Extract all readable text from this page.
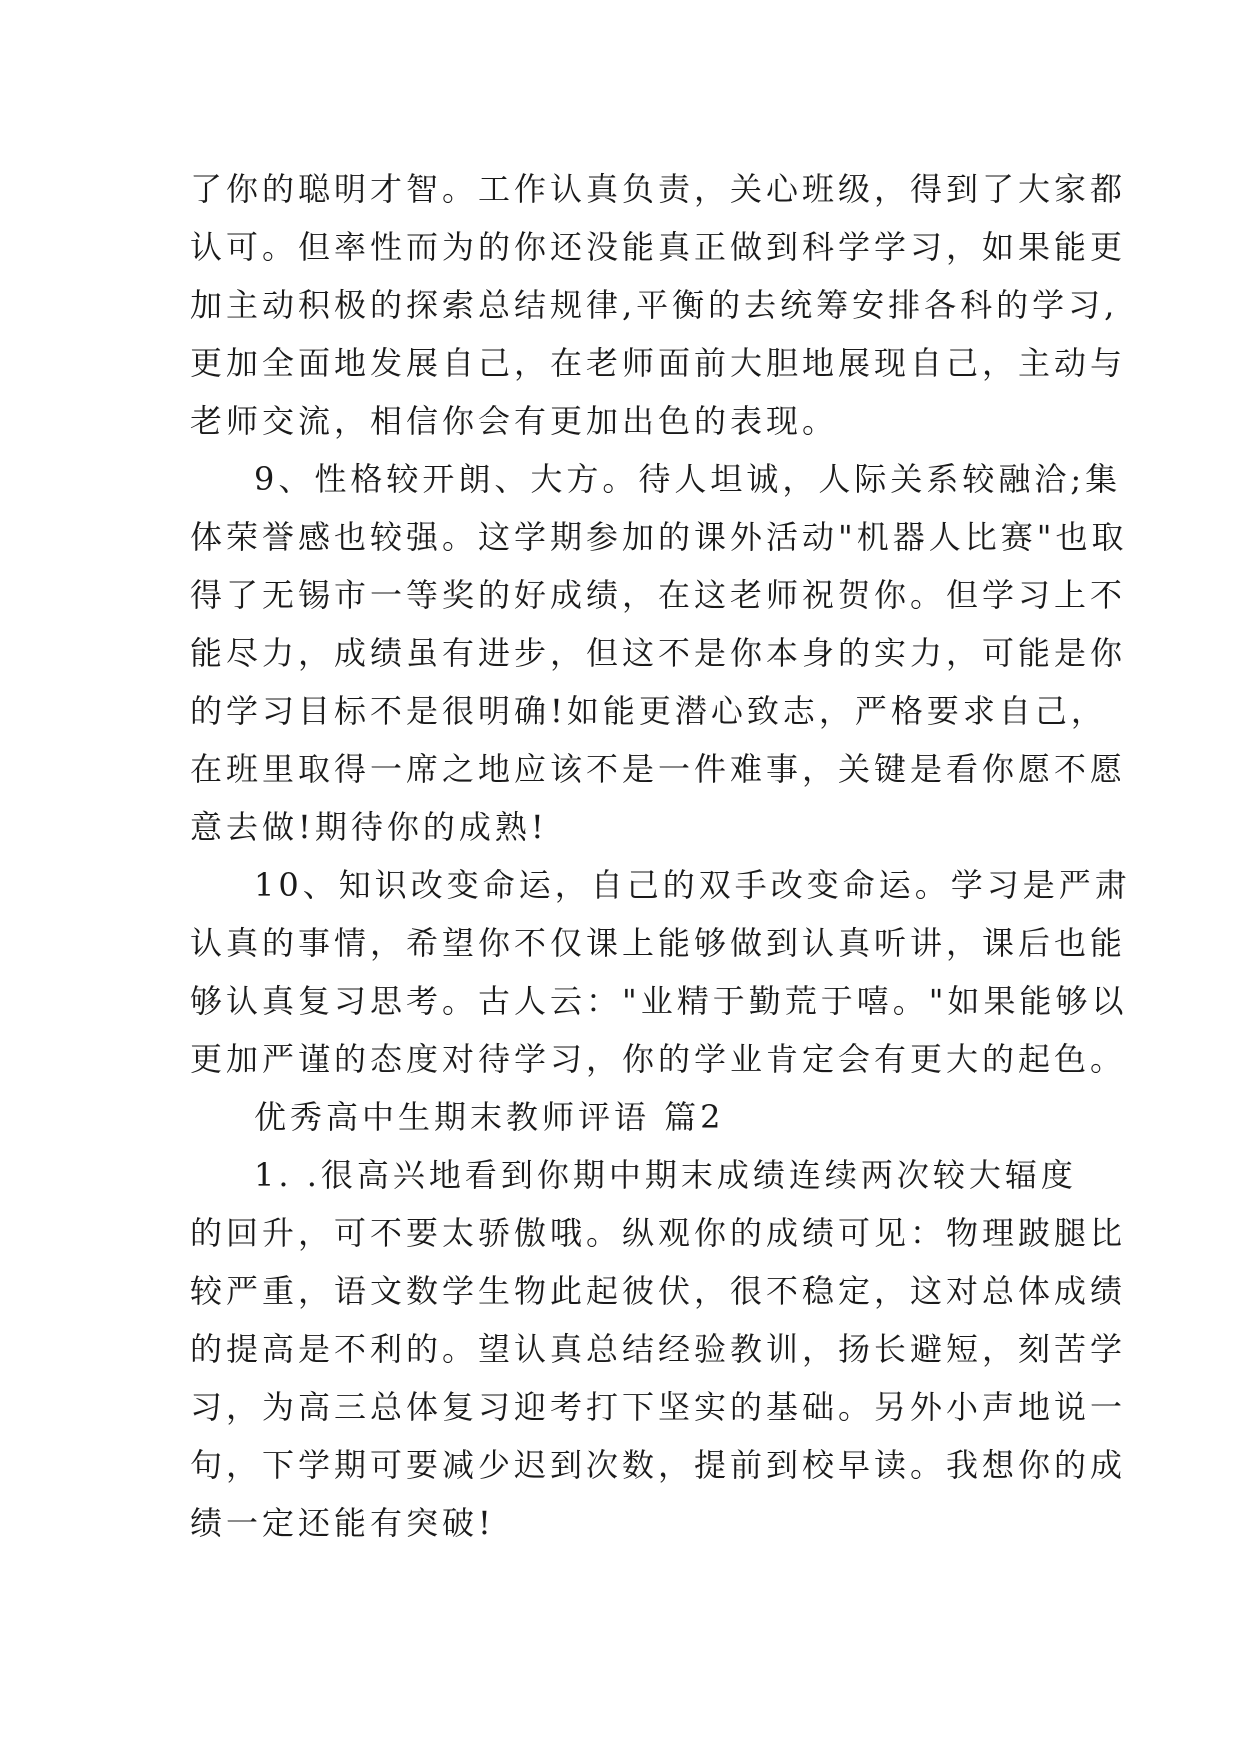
了你的聪明才智。工作认真负责，关心班级，得到了大家都
认可。但率性而为的你还没能真正做到科学学习，如果能更
加主动积极的探索总结规律,平衡的去统筹安排各科的学习,
更加全面地发展自己，在老师面前大胆地展现自己，主动与
老师交流，相信你会有更加出色的表现。
9、性格较开朗、大方。待人坦诚，人际关系较融洽;集
体荣誉感也较强。这学期参加的课外活动"机器人比赛"也取
得了无锡市一等奖的好成绩，在这老师祝贺你。但学习上不
能尽力，成绩虽有进步，但这不是你本身的实力，可能是你
的学习目标不是很明确!如能更潜心致志，严格要求自己，
在班里取得一席之地应该不是一件难事，关键是看你愿不愿
意去做!期待你的成熟!
10、知识改变命运，自己的双手改变命运。学习是严肃
认真的事情，希望你不仅课上能够做到认真听讲，课后也能
够认真复习思考。古人云："业精于勤荒于嘻。"如果能够以
更加严谨的态度对待学习，你的学业肯定会有更大的起色。
优秀高中生期末教师评语 篇2
1. .很高兴地看到你期中期末成绩连续两次较大辐度
的回升，可不要太骄傲哦。纵观你的成绩可见：物理跛腿比
较严重，语文数学生物此起彼伏，很不稳定，这对总体成绩
的提高是不利的。望认真总结经验教训，扬长避短，刻苦学
习，为高三总体复习迎考打下坚实的基础。另外小声地说一
句，下学期可要减少迟到次数，提前到校早读。我想你的成
绩一定还能有突破!
